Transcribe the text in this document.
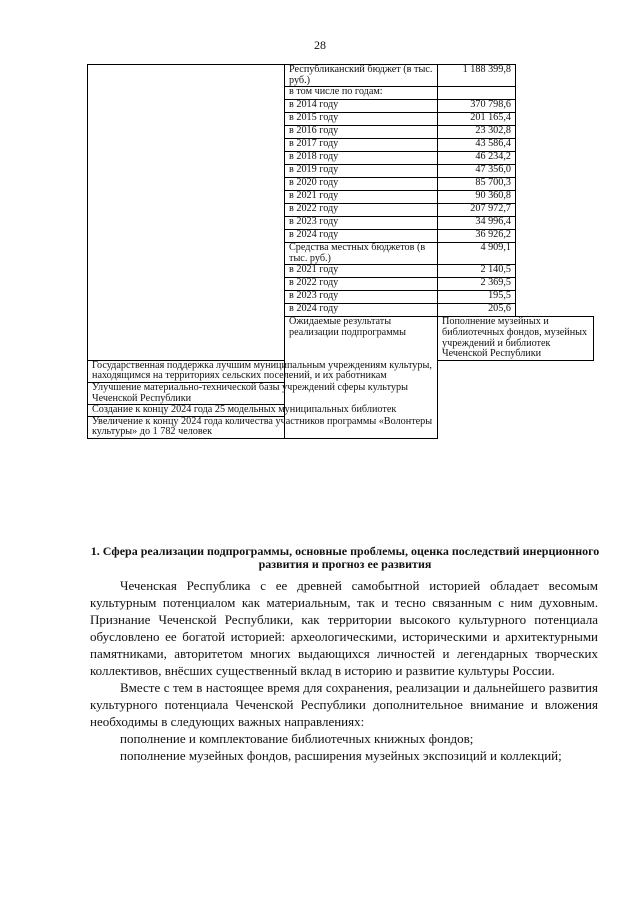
28
	Республиканский бюджет (в тыс. руб.)	1 188 399,8
	в том числе по годам:	
	в 2014 году	370 798,6
	в 2015 году	201 165,4
	в 2016 году	23 302,8
	в 2017 году	43 586,4
	в 2018 году	46 234,2
	в 2019 году	47 356,0
	в 2020 году	85 700,3
	в 2021 году	90 360,8
	в 2022 году	207 972,7
	в 2023 году	34 996,4
	в 2024 году	36 926,2
	Средства местных бюджетов (в тыс. руб.)	4 909,1
	в 2021 году	2 140,5
	в 2022 году	2 369,5
	в 2023 году	195,5
	в 2024 году	205,6
	Ожидаемые результаты реализации подпрограммы	Пополнение музейных и библиотечных фондов, музейных учреждений и библиотек Чеченской Республики
Государственная поддержка лучшим муниципальным учреждениям культуры, находящимся на территориях сельских поселений, и их работникам		
Улучшение материально-технической базы учреждений сферы культуры Чеченской Республики		
Создание к концу 2024 года 25 модельных муниципальных библиотек		
Увеличение к концу 2024 года количества участников программы «Волонтеры культуры» до 1 782 человек		
1. Сфера реализации подпрограммы, основные проблемы, оценка последствий инерционного развития и прогноз ее развития

Чеченская Республика с ее древней самобытной историей обладает весомым культурным потенциалом как материальным, так и тесно связанным с ним духовным. Признание Чеченской Республики, как территории высокого культурного потенциала обусловлено ее богатой историей: археологическими, историческими и архитектурными памятниками, авторитетом многих выдающихся личностей и легендарных творческих коллективов, внёсших существенный вклад в историю и развитие культуры России.

Вместе с тем в настоящее время для сохранения, реализации и дальнейшего развития культурного потенциала Чеченской Республики дополнительное внимание и вложения необходимы в следующих важных направлениях:

пополнение и комплектование библиотечных книжных фондов;

пополнение музейных фондов, расширения музейных экспозиций и коллекций;
